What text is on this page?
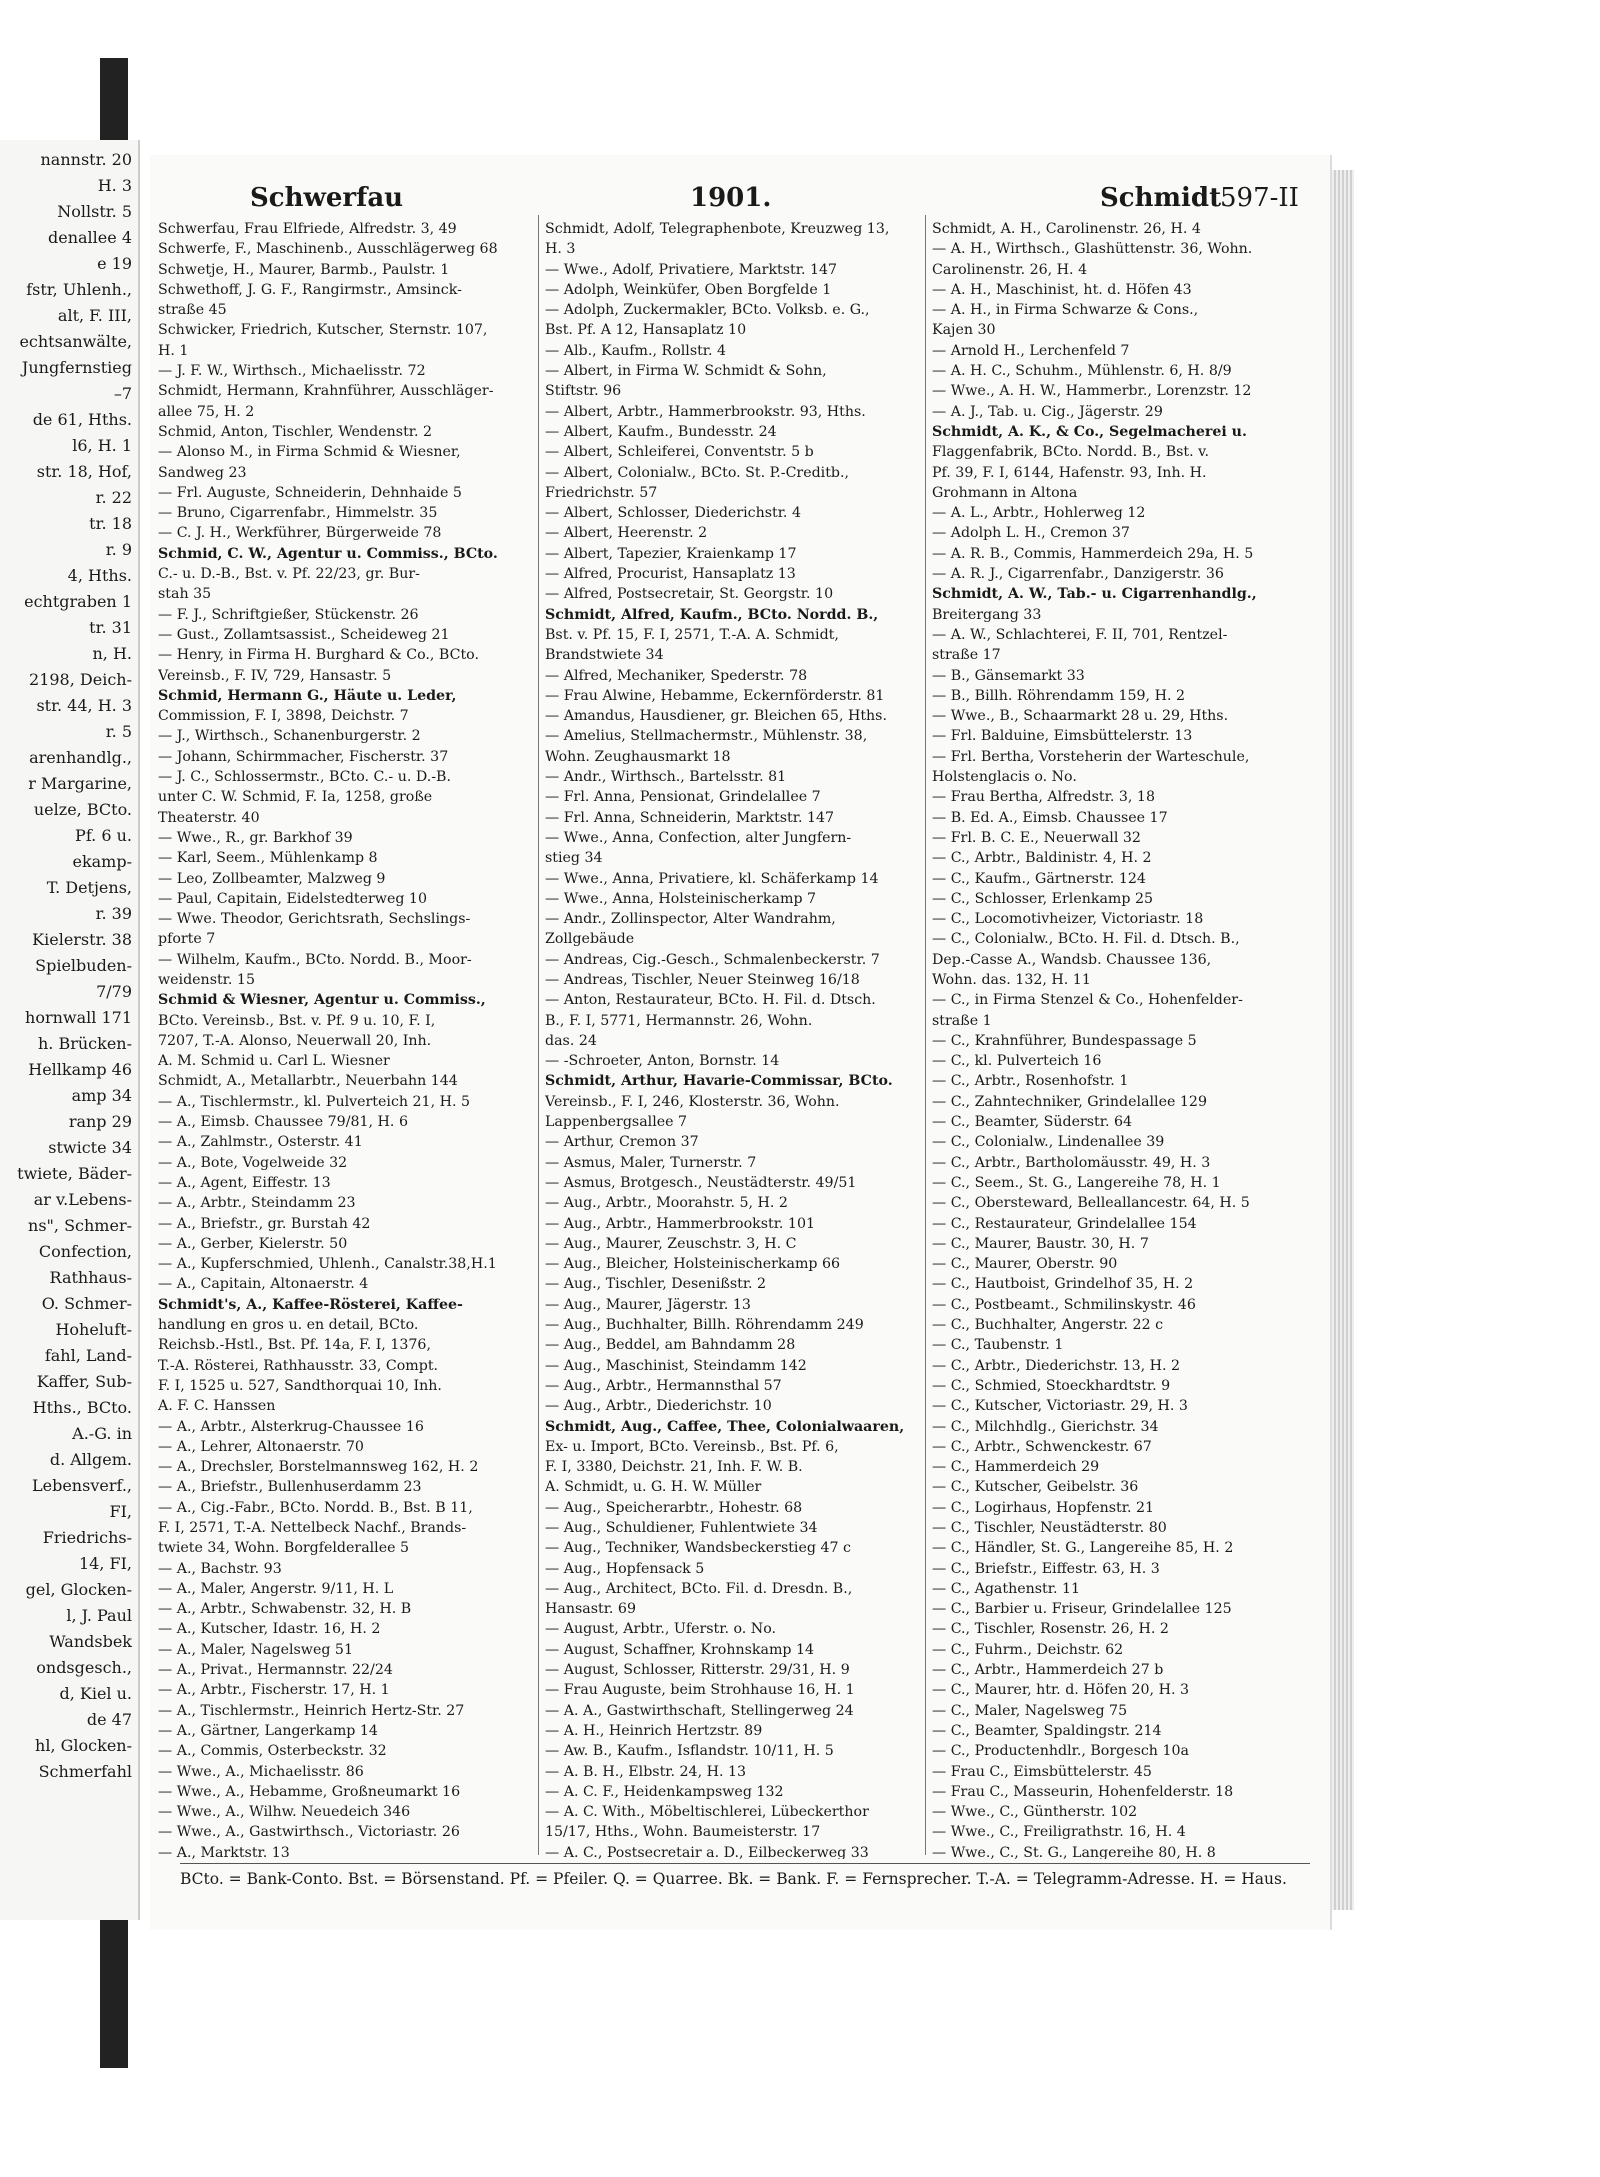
nannstr. 20
H. 3
Nollstr. 5
denallee 4
e 19
fstr, Uhlenh.,
alt, F. III,
echtsanwälte,
Jungfernstieg
–7
de 61, Hths.
l6, H. 1
str. 18, Hof,
r. 22
tr. 18
r. 9
4, Hths.
echtgraben 1
tr. 31
n, H.
2198, Deich-
str. 44, H. 3
r. 5
arenhandlg.,
r Margarine,
uelze, BCto.
Pf. 6 u.
ekamp-
T. Detjens,
r. 39
Kielerstr. 38
Spielbuden-
7/79
hornwall 171
h. Brücken-
Hellkamp 46
amp 34
ranp 29
stwicte 34
twiete, Bäder-
ar v.Lebens-
ns", Schmer-
Confection,
Rathhaus-
O. Schmer-
Hoheluft-
fahl, Land-
Kaffer, Sub-
Hths., BCto.
A.-G. in
d. Allgem.
Lebensverf.,
FI,
Friedrichs-
14, FI,
gel, Glocken-
l, J. Paul
Wandsbek
ondsgesch.,
d, Kiel u.
de 47
hl, Glocken-
Schmerfahl
Schwerfau	1901.	Schmidt
597-II
Schwerfau, Frau Elfriede, Alfredstr. 3, 49
Schwerfe, F., Maschinenb., Ausschlägerweg 68
Schwetje, H., Maurer, Barmb., Paulstr. 1
Schwethoff, J. G. F., Rangirmstr., Amsinck-
straße 45
Schwicker, Friedrich, Kutscher, Sternstr. 107,
H. 1
— J. F. W., Wirthsch., Michaelisstr. 72
Schmidt, Hermann, Krahnführer, Ausschläger-
allee 75, H. 2
Schmid, Anton, Tischler, Wendenstr. 2
— Alonso M., in Firma Schmid & Wiesner,
Sandweg 23
— Frl. Auguste, Schneiderin, Dehnhaide 5
— Bruno, Cigarrenfabr., Himmelstr. 35
— C. J. H., Werkführer, Bürgerweide 78
Schmid, C. W., Agentur u. Commiss., BCto.
C.- u. D.-B., Bst. v. Pf. 22/23, gr. Bur-
stah 35
— F. J., Schriftgießer, Stückenstr. 26
— Gust., Zollamtsassist., Scheideweg 21
— Henry, in Firma H. Burghard & Co., BCto.
Vereinsb., F. IV, 729, Hansastr. 5
Schmid, Hermann G., Häute u. Leder,
Commission, F. I, 3898, Deichstr. 7
— J., Wirthsch., Schanenburgerstr. 2
— Johann, Schirmmacher, Fischerstr. 37
— J. C., Schlossermstr., BCto. C.- u. D.-B.
unter C. W. Schmid, F. Ia, 1258, große
Theaterstr. 40
— Wwe., R., gr. Barkhof 39
— Karl, Seem., Mühlenkamp 8
— Leo, Zollbeamter, Malzweg 9
— Paul, Capitain, Eidelstedterweg 10
— Wwe. Theodor, Gerichtsrath, Sechslings-
pforte 7
— Wilhelm, Kaufm., BCto. Nordd. B., Moor-
weidenstr. 15
Schmid & Wiesner, Agentur u. Commiss.,
BCto. Vereinsb., Bst. v. Pf. 9 u. 10, F. I,
7207, T.-A. Alonso, Neuerwall 20, Inh.
A. M. Schmid u. Carl L. Wiesner
Schmidt, A., Metallarbtr., Neuerbahn 144
— A., Tischlermstr., kl. Pulverteich 21, H. 5
— A., Eimsb. Chaussee 79/81, H. 6
— A., Zahlmstr., Osterstr. 41
— A., Bote, Vogelweide 32
— A., Agent, Eiffestr. 13
— A., Arbtr., Steindamm 23
— A., Briefstr., gr. Burstah 42
— A., Gerber, Kielerstr. 50
— A., Kupferschmied, Uhlenh., Canalstr.38,H.1
— A., Capitain, Altonaerstr. 4
Schmidt's, A., Kaffee-Rösterei, Kaffee-
handlung en gros u. en detail, BCto.
Reichsb.-Hstl., Bst. Pf. 14a, F. I, 1376,
T.-A. Rösterei, Rathhausstr. 33, Compt.
F. I, 1525 u. 527, Sandthorquai 10, Inh.
A. F. C. Hanssen
— A., Arbtr., Alsterkrug-Chaussee 16
— A., Lehrer, Altonaerstr. 70
— A., Drechsler, Borstelmannsweg 162, H. 2
— A., Briefstr., Bullenhuserdamm 23
— A., Cig.-Fabr., BCto. Nordd. B., Bst. B 11,
F. I, 2571, T.-A. Nettelbeck Nachf., Brands-
twiete 34, Wohn. Borgfelderallee 5
— A., Bachstr. 93
— A., Maler, Angerstr. 9/11, H. L
— A., Arbtr., Schwabenstr. 32, H. B
— A., Kutscher, Idastr. 16, H. 2
— A., Maler, Nagelsweg 51
— A., Privat., Hermannstr. 22/24
— A., Arbtr., Fischerstr. 17, H. 1
— A., Tischlermstr., Heinrich Hertz-Str. 27
— A., Gärtner, Langerkamp 14
— A., Commis, Osterbeckstr. 32
— Wwe., A., Michaelisstr. 86
— Wwe., A., Hebamme, Großneumarkt 16
— Wwe., A., Wilhw. Neuedeich 346
— Wwe., A., Gastwirthsch., Victoriastr. 26
— A., Marktstr. 13
Schmidt, Adolf, Telegraphenbote, Kreuzweg 13,
H. 3
— Wwe., Adolf, Privatiere, Marktstr. 147
— Adolph, Weinküfer, Oben Borgfelde 1
— Adolph, Zuckermakler, BCto. Volksb. e. G.,
Bst. Pf. A 12, Hansaplatz 10
— Alb., Kaufm., Rollstr. 4
— Albert, in Firma W. Schmidt & Sohn,
Stiftstr. 96
— Albert, Arbtr., Hammerbrookstr. 93, Hths.
— Albert, Kaufm., Bundesstr. 24
— Albert, Schleiferei, Conventstr. 5 b
— Albert, Colonialw., BCto. St. P.-Creditb.,
Friedrichstr. 57
— Albert, Schlosser, Diederichstr. 4
— Albert, Heerenstr. 2
— Albert, Tapezier, Kraienkamp 17
— Alfred, Procurist, Hansaplatz 13
— Alfred, Postsecretair, St. Georgstr. 10
Schmidt, Alfred, Kaufm., BCto. Nordd. B.,
Bst. v. Pf. 15, F. I, 2571, T.-A. A. Schmidt,
Brandstwiete 34
— Alfred, Mechaniker, Spederstr. 78
— Frau Alwine, Hebamme, Eckernförderstr. 81
— Amandus, Hausdiener, gr. Bleichen 65, Hths.
— Amelius, Stellmachermstr., Mühlenstr. 38,
Wohn. Zeughausmarkt 18
— Andr., Wirthsch., Bartelsstr. 81
— Frl. Anna, Pensionat, Grindelallee 7
— Frl. Anna, Schneiderin, Marktstr. 147
— Wwe., Anna, Confection, alter Jungfern-
stieg 34
— Wwe., Anna, Privatiere, kl. Schäferkamp 14
— Wwe., Anna, Holsteinischerkamp 7
— Andr., Zollinspector, Alter Wandrahm,
Zollgebäude
— Andreas, Cig.-Gesch., Schmalenbeckerstr. 7
— Andreas, Tischler, Neuer Steinweg 16/18
— Anton, Restaurateur, BCto. H. Fil. d. Dtsch.
B., F. I, 5771, Hermannstr. 26, Wohn.
das. 24
— -Schroeter, Anton, Bornstr. 14
Schmidt, Arthur, Havarie-Commissar, BCto.
Vereinsb., F. I, 246, Klosterstr. 36, Wohn.
Lappenbergsallee 7
— Arthur, Cremon 37
— Asmus, Maler, Turnerstr. 7
— Asmus, Brotgesch., Neustädterstr. 49/51
— Aug., Arbtr., Moorahstr. 5, H. 2
— Aug., Arbtr., Hammerbrookstr. 101
— Aug., Maurer, Zeuschstr. 3, H. C
— Aug., Bleicher, Holsteinischerkamp 66
— Aug., Tischler, Desenißstr. 2
— Aug., Maurer, Jägerstr. 13
— Aug., Buchhalter, Billh. Röhrendamm 249
— Aug., Beddel, am Bahndamm 28
— Aug., Maschinist, Steindamm 142
— Aug., Arbtr., Hermannsthal 57
— Aug., Arbtr., Diederichstr. 10
Schmidt, Aug., Caffee, Thee, Colonialwaaren,
Ex- u. Import, BCto. Vereinsb., Bst. Pf. 6,
F. I, 3380, Deichstr. 21, Inh. F. W. B.
A. Schmidt, u. G. H. W. Müller
— Aug., Speicherarbtr., Hohestr. 68
— Aug., Schuldiener, Fuhlentwiete 34
— Aug., Techniker, Wandsbeckerstieg 47 c
— Aug., Hopfensack 5
— Aug., Architect, BCto. Fil. d. Dresdn. B.,
Hansastr. 69
— August, Arbtr., Uferstr. o. No.
— August, Schaffner, Krohnskamp 14
— August, Schlosser, Ritterstr. 29/31, H. 9
— Frau Auguste, beim Strohhause 16, H. 1
— A. A., Gastwirthschaft, Stellingerweg 24
— A. H., Heinrich Hertzstr. 89
— Aw. B., Kaufm., Isflandstr. 10/11, H. 5
— A. B. H., Elbstr. 24, H. 13
— A. C. F., Heidenkampsweg 132
— A. C. With., Möbeltischlerei, Lübeckerthor
15/17, Hths., Wohn. Baumeisterstr. 17
— A. C., Postsecretair a. D., Eilbeckerweg 33
Schmidt, A. H., Carolinenstr. 26, H. 4
— A. H., Wirthsch., Glashüttenstr. 36, Wohn.
Carolinenstr. 26, H. 4
— A. H., Maschinist, ht. d. Höfen 43
— A. H., in Firma Schwarze & Cons.,
Kajen 30
— Arnold H., Lerchenfeld 7
— A. H. C., Schuhm., Mühlenstr. 6, H. 8/9
— Wwe., A. H. W., Hammerbr., Lorenzstr. 12
— A. J., Tab. u. Cig., Jägerstr. 29
Schmidt, A. K., & Co., Segelmacherei u.
Flaggenfabrik, BCto. Nordd. B., Bst. v.
Pf. 39, F. I, 6144, Hafenstr. 93, Inh. H.
Grohmann in Altona
— A. L., Arbtr., Hohlerweg 12
— Adolph L. H., Cremon 37
— A. R. B., Commis, Hammerdeich 29a, H. 5
— A. R. J., Cigarrenfabr., Danzigerstr. 36
Schmidt, A. W., Tab.- u. Cigarrenhandlg.,
Breitergang 33
— A. W., Schlachterei, F. II, 701, Rentzel-
straße 17
— B., Gänsemarkt 33
— B., Billh. Röhrendamm 159, H. 2
— Wwe., B., Schaarmarkt 28 u. 29, Hths.
— Frl. Balduine, Eimsbüttelerstr. 13
— Frl. Bertha, Vorsteherin der Warteschule,
Holstenglacis o. No.
— Frau Bertha, Alfredstr. 3, 18
— B. Ed. A., Eimsb. Chaussee 17
— Frl. B. C. E., Neuerwall 32
— C., Arbtr., Baldinistr. 4, H. 2
— C., Kaufm., Gärtnerstr. 124
— C., Schlosser, Erlenkamp 25
— C., Locomotivheizer, Victoriastr. 18
— C., Colonialw., BCto. H. Fil. d. Dtsch. B.,
Dep.-Casse A., Wandsb. Chaussee 136,
Wohn. das. 132, H. 11
— C., in Firma Stenzel & Co., Hohenfelder-
straße 1
— C., Krahnführer, Bundespassage 5
— C., kl. Pulverteich 16
— C., Arbtr., Rosenhofstr. 1
— C., Zahntechniker, Grindelallee 129
— C., Beamter, Süderstr. 64
— C., Colonialw., Lindenallee 39
— C., Arbtr., Bartholomäusstr. 49, H. 3
— C., Seem., St. G., Langereihe 78, H. 1
— C., Obersteward, Belleallancestr. 64, H. 5
— C., Restaurateur, Grindelallee 154
— C., Maurer, Baustr. 30, H. 7
— C., Maurer, Oberstr. 90
— C., Hautboist, Grindelhof 35, H. 2
— C., Postbeamt., Schmilinskystr. 46
— C., Buchhalter, Angerstr. 22 c
— C., Taubenstr. 1
— C., Arbtr., Diederichstr. 13, H. 2
— C., Schmied, Stoeckhardtstr. 9
— C., Kutscher, Victoriastr. 29, H. 3
— C., Milchhdlg., Gierichstr. 34
— C., Arbtr., Schwenckestr. 67
— C., Hammerdeich 29
— C., Kutscher, Geibelstr. 36
— C., Logirhaus, Hopfenstr. 21
— C., Tischler, Neustädterstr. 80
— C., Händler, St. G., Langereihe 85, H. 2
— C., Briefstr., Eiffestr. 63, H. 3
— C., Agathenstr. 11
— C., Barbier u. Friseur, Grindelallee 125
— C., Tischler, Rosenstr. 26, H. 2
— C., Fuhrm., Deichstr. 62
— C., Arbtr., Hammerdeich 27 b
— C., Maurer, htr. d. Höfen 20, H. 3
— C., Maler, Nagelsweg 75
— C., Beamter, Spaldingstr. 214
— C., Productenhdlr., Borgesch 10a
— Frau C., Eimsbüttelerstr. 45
— Frau C., Masseurin, Hohenfelderstr. 18
— Wwe., C., Güntherstr. 102
— Wwe., C., Freiligrathstr. 16, H. 4
— Wwe., C., St. G., Langereihe 80, H. 8
BCto. = Bank-Conto. Bst. = Börsenstand. Pf. = Pfeiler. Q. = Quarree. Bk. = Bank. F. = Fernsprecher. T.-A. = Telegramm-Adresse. H. = Haus.
